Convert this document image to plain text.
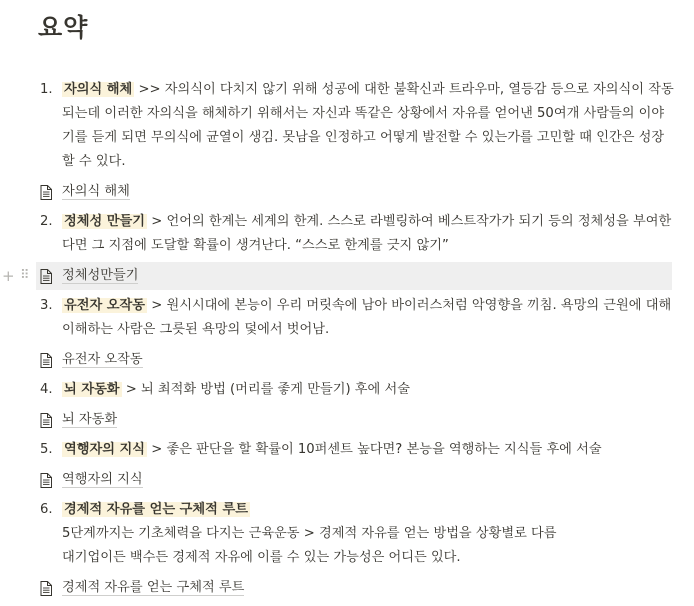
요약
1. 자의식 해체 >> 자의식이 다치지 않기 위해 성공에 대한 불확신과 트라우마, 열등감 등으로 자의식이 작동되는데 이러한 자의식을 해체하기 위해서는 자신과 똑같은 상황에서 자유를 얻어낸 50여개 사람들의 이야기를 듣게 되면 무의식에 균열이 생김. 못남을 인정하고 어떻게 발전할 수 있는가를 고민할 때 인간은 성장할 수 있다.
자의식 해체
2. 정체성 만들기 > 언어의 한계는 세계의 한계. 스스로 라벨링하여 베스트작가가 되기 등의 정체성을 부여한다면 그 지점에 도달할 확률이 생겨난다. “스스로 한계를 긋지 않기”
+ ⠿	정체성만들기
3. 유전자 오작동 > 원시시대에 본능이 우리 머릿속에 남아 바이러스처럼 악영향을 끼침. 욕망의 근원에 대해 이해하는 사람은 그릇된 욕망의 덫에서 벗어남.
유전자 오작동
4. 뇌 자동화 > 뇌 최적화 방법 (머리를 좋게 만들기) 후에 서술
뇌 자동화
5. 역행자의 지식 > 좋은 판단을 할 확률이 10퍼센트 높다면? 본능을 역행하는 지식들 후에 서술
역행자의 지식
6. 경제적 자유를 얻는 구체적 루트
5단계까지는 기초체력을 다지는 근육운동 > 경제적 자유를 얻는 방법을 상황별로 다름
대기업이든 백수든 경제적 자유에 이를 수 있는 가능성은 어디든 있다.
경제적 자유를 얻는 구체적 루트
